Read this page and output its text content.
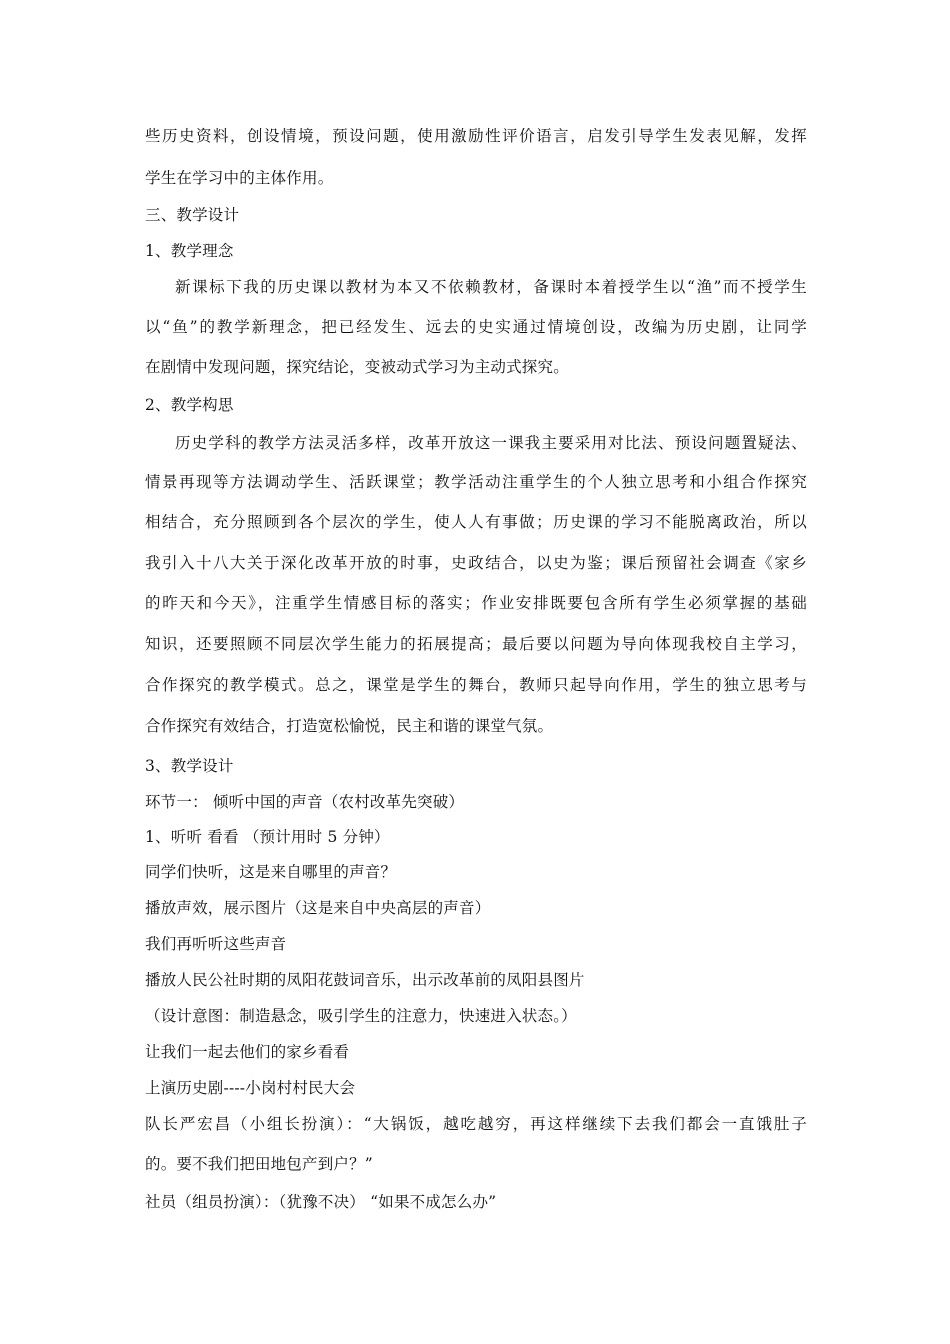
些历史资料，创设情境，预设问题，使用激励性评价语言，启发引导学生发表见解，发挥
学生在学习中的主体作用。
三、教学设计
1、教学理念
新课标下我的历史课以教材为本又不依赖教材，备课时本着授学生以“渔”而不授学生
以“鱼”的教学新理念，把已经发生、远去的史实通过情境创设，改编为历史剧，让同学
在剧情中发现问题，探究结论，变被动式学习为主动式探究。
2、教学构思
历史学科的教学方法灵活多样，改革开放这一课我主要采用对比法、预设问题置疑法、
情景再现等方法调动学生、活跃课堂；教学活动注重学生的个人独立思考和小组合作探究
相结合，充分照顾到各个层次的学生，使人人有事做；历史课的学习不能脱离政治，所以
我引入十八大关于深化改革开放的时事，史政结合，以史为鉴；课后预留社会调查《家乡
的昨天和今天》，注重学生情感目标的落实；作业安排既要包含所有学生必须掌握的基础
知识，还要照顾不同层次学生能力的拓展提高；最后要以问题为导向体现我校自主学习，
合作探究的教学模式。总之，课堂是学生的舞台，教师只起导向作用，学生的独立思考与
合作探究有效结合，打造宽松愉悦，民主和谐的课堂气氛。
3、教学设计
环节一： 倾听中国的声音（农村改革先突破）
1、听听 看看 （预计用时 5 分钟）
同学们快听，这是来自哪里的声音？
播放声效，展示图片（这是来自中央高层的声音）
我们再听听这些声音
播放人民公社时期的凤阳花鼓词音乐，出示改革前的凤阳县图片
（设计意图：制造悬念，吸引学生的注意力，快速进入状态。）
让我们一起去他们的家乡看看
上演历史剧----小岗村村民大会
队长严宏昌（小组长扮演）：“大锅饭，越吃越穷，再这样继续下去我们都会一直饿肚子
的。要不我们把田地包产到户？”
社员（组员扮演）：（犹豫不决） “如果不成怎么办”
